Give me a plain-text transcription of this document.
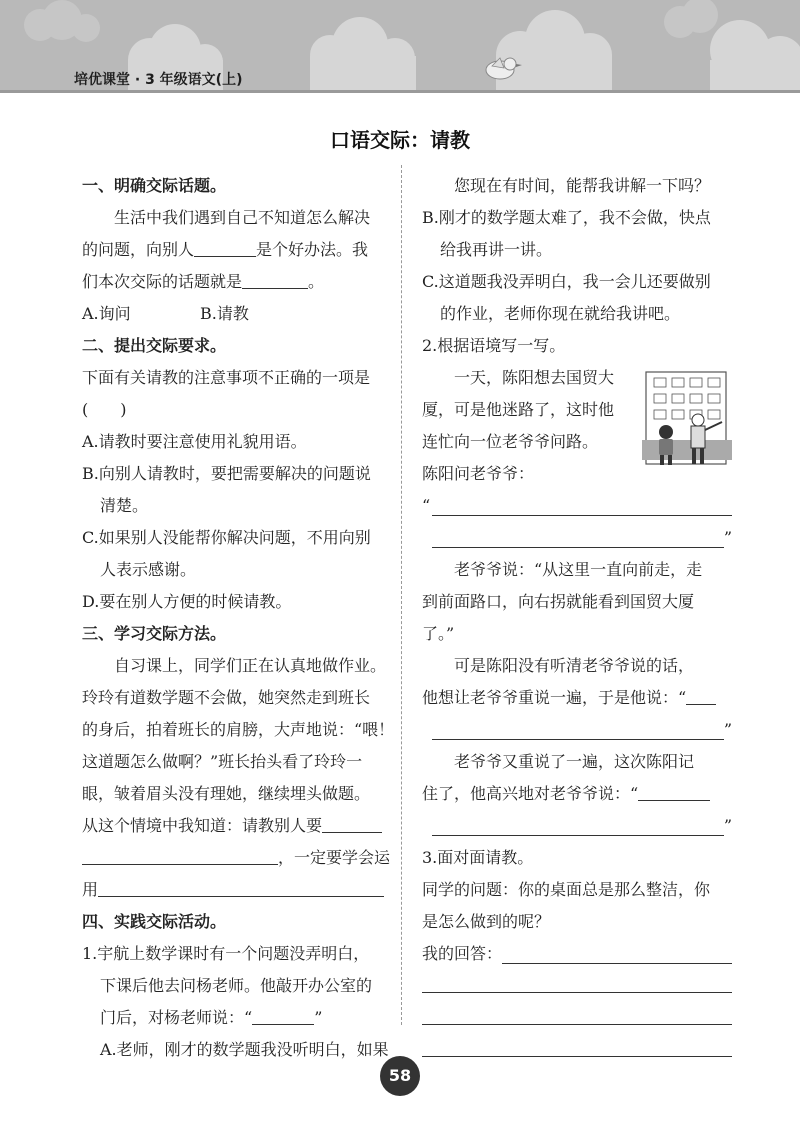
培优课堂 · 3 年级语文(上)
口语交际：请教
一、明确交际话题。
生活中我们遇到自己不知道怎么解决
的问题，向别人	是个好办法。我
们本次交际的话题就是	。
A.询问	B.请教
二、提出交际要求。
下面有关请教的注意事项不正确的一项是
(　　)
A.请教时要注意使用礼貌用语。
B.向别人请教时，要把需要解决的问题说
清楚。
C.如果别人没能帮你解决问题，不用向别
人表示感谢。
D.要在别人方便的时候请教。
三、学习交际方法。
自习课上，同学们正在认真地做作业。
玲玲有道数学题不会做，她突然走到班长
的身后，拍着班长的肩膀，大声地说：“喂！
这道题怎么做啊？”班长抬头看了玲玲一
眼，皱着眉头没有理她，继续埋头做题。
从这个情境中我知道：请教别人要
，一定要学会运
用
四、实践交际活动。
1.宇航上数学课时有一个问题没弄明白，
下课后他去问杨老师。他敲开办公室的
门后，对杨老师说：“	”
A.老师，刚才的数学题我没听明白，如果
您现在有时间，能帮我讲解一下吗？
B.刚才的数学题太难了，我不会做，快点
给我再讲一讲。
C.这道题我没弄明白，我一会儿还要做别
的作业，老师你现在就给我讲吧。
2.根据语境写一写。
一天，陈阳想去国贸大
厦，可是他迷路了，这时他
连忙向一位老爷爷问路。
陈阳问老爷爷：
“
”
老爷爷说：“从这里一直向前走，走
到前面路口，向右拐就能看到国贸大厦
了。”
可是陈阳没有听清老爷爷说的话，
他想让老爷爷重说一遍，于是他说：“
”
老爷爷又重说了一遍，这次陈阳记
住了，他高兴地对老爷爷说：“
”
3.面对面请教。
同学的问题：你的桌面总是那么整洁，你
是怎么做到的呢？
我的回答：
58
